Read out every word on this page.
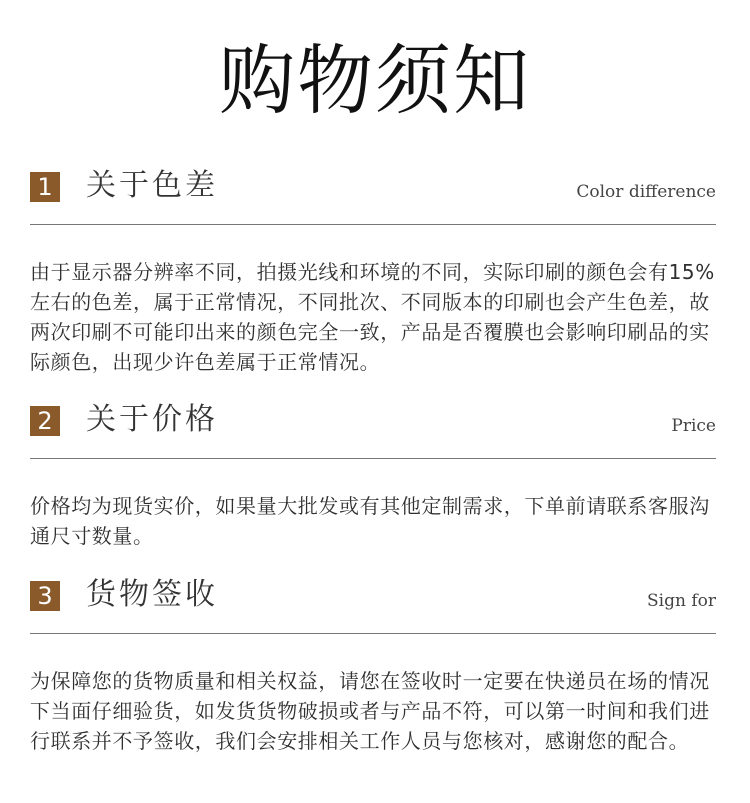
购物须知
1 关于色差	Color difference

由于显示器分辨率不同，拍摄光线和环境的不同，实际印刷的颜色会有15%左右的色差，属于正常情况，不同批次、不同版本的印刷也会产生色差，故两次印刷不可能印出来的颜色完全一致，产品是否覆膜也会影响印刷品的实际颜色，出现少许色差属于正常情况。

2 关于价格	Price

价格均为现货实价，如果量大批发或有其他定制需求，下单前请联系客服沟通尺寸数量。

3 货物签收	Sign for

为保障您的货物质量和相关权益，请您在签收时一定要在快递员在场的情况下当面仔细验货，如发货货物破损或者与产品不符，可以第一时间和我们进行联系并不予签收，我们会安排相关工作人员与您核对，感谢您的配合。
